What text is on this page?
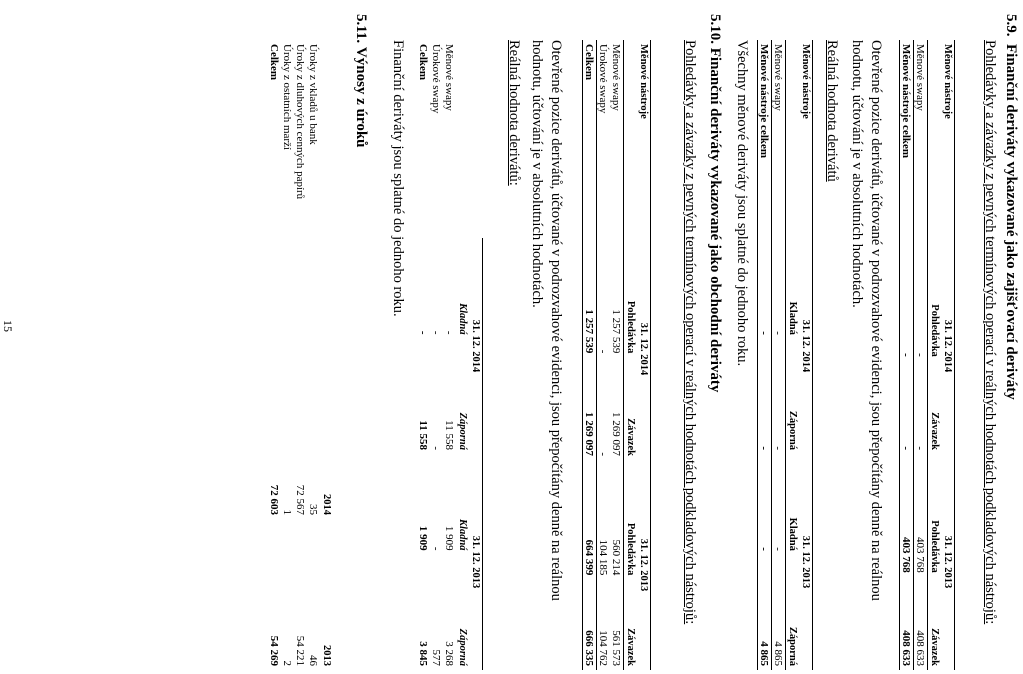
5.9.  Finanční deriváty vykazované jako zajišťovací deriváty
Pohledávky a závazky z pevných termínových operací v reálných hodnotách podkladových nástrojů:
Měnové nástroje	31. 12. 2014		31. 12. 2013	
	Pohledávka	Závazek	Pohledávka	Závazek
Měnové swapy	-	-	403 768	408 633
Měnové nástroje celkem	-	-	403 768	408 633
Otevřené pozice derivátů, účtované v podrozvahové evidenci, jsou přepočítány denně na reálnou hodnotu, účtování je v absolutních hodnotách.
Reálná hodnota derivátů
Měnové nástroje	31. 12. 2014		31. 12. 2013	
	Kladná	Záporná	Kladná	Záporná
Měnové swapy	-	-	-	4 865
Měnové nástroje celkem	-	-	-	4 865
Všechny měnové deriváty jsou splatné do jednoho roku.
5.10. Finanční deriváty vykazované jako obchodní deriváty
Pohledávky a závazky z pevných termínových operací v reálných hodnotách podkladových nástrojů:
Měnové nástroje	31. 12. 2014		31. 12. 2013	
	Pohledávka	Závazek	Pohledávka	Závazek
Měnové swapy	1 257 539	1 269 097	560 214	561 573
Úrokové swapy	-	-	104 185	104 762
Celkem	1 257 539	1 269 097	664 399	666 335
Otevřené pozice derivátů, účtované v podrozvahové evidenci, jsou přepočítány denně na reálnou hodnotu, účtování je v absolutních hodnotách.
Reálná hodnota derivátů:
	31. 12. 2014		31. 12. 2013	
	Kladná	Záporná	Kladná	Záporná
Měnové swapy	-	11 558	1 909	3 268
Úrokové swapy	-	-	-	577
Celkem	-	11 558	1 909	3 845
Finanční deriváty jsou splatné do jednoho roku.
5.11. Výnosy z úroků
	2014	2013
Úroky z vkladů u bank	35	46
Úroky z dluhových cenných papírů	72 567	54 221
Úroky z ostatních marží	1	2
Celkem	72 603	54 269
15
